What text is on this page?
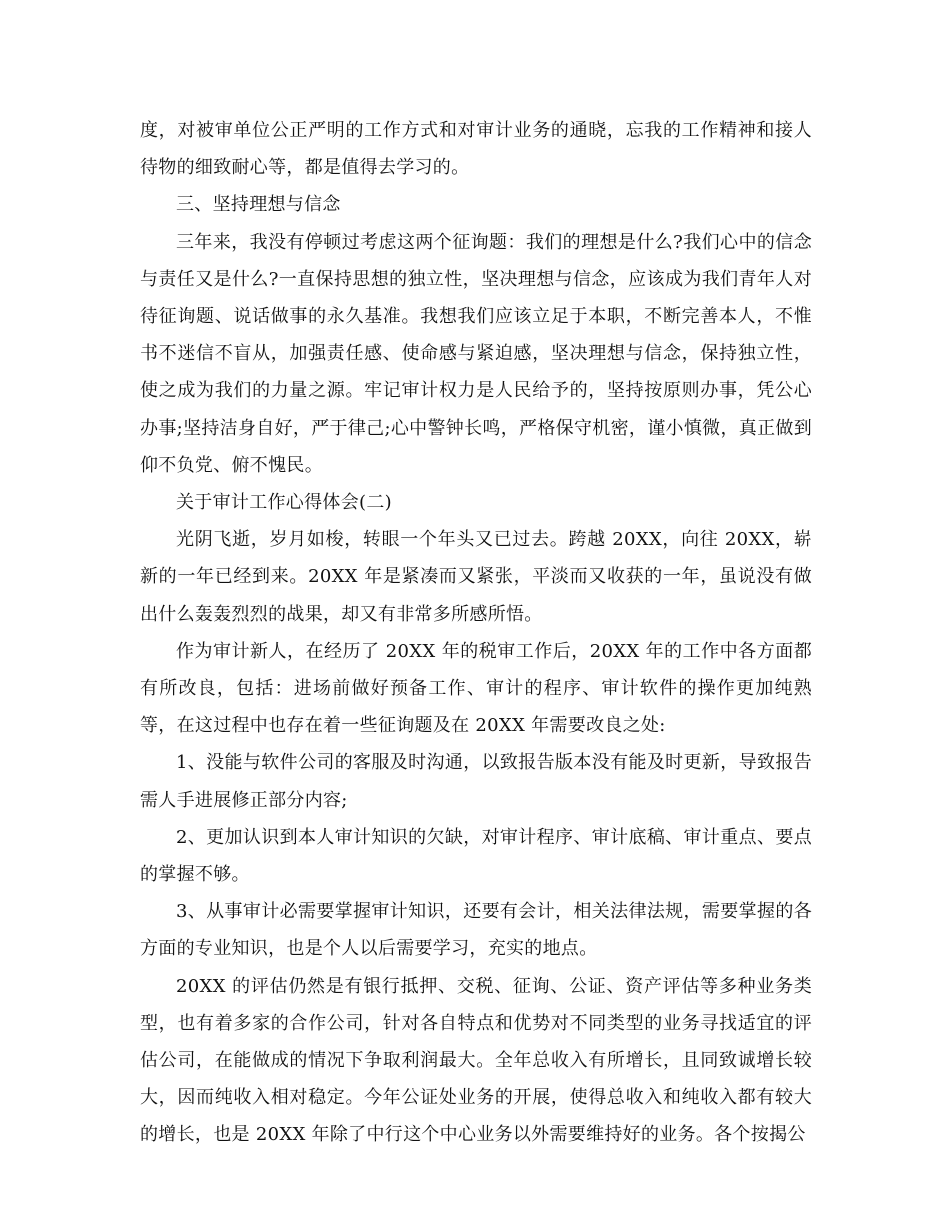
度，对被审单位公正严明的工作方式和对审计业务的通晓，忘我的工作精神和接人待物的细致耐心等，都是值得去学习的。

三、坚持理想与信念

三年来，我没有停顿过考虑这两个征询题：我们的理想是什么?我们心中的信念与责任又是什么?一直保持思想的独立性，坚决理想与信念，应该成为我们青年人对待征询题、说话做事的永久基准。我想我们应该立足于本职，不断完善本人，不惟书不迷信不盲从，加强责任感、使命感与紧迫感，坚决理想与信念，保持独立性，使之成为我们的力量之源。牢记审计权力是人民给予的，坚持按原则办事，凭公心办事;坚持洁身自好，严于律己;心中警钟长鸣，严格保守机密，谨小慎微，真正做到仰不负党、俯不愧民。

关于审计工作心得体会(二)

光阴飞逝，岁月如梭，转眼一个年头又已过去。跨越 20XX，向往 20XX，崭新的一年已经到来。20XX 年是紧凑而又紧张，平淡而又收获的一年，虽说没有做出什么轰轰烈烈的战果，却又有非常多所感所悟。

作为审计新人，在经历了 20XX 年的税审工作后，20XX 年的工作中各方面都有所改良，包括：进场前做好预备工作、审计的程序、审计软件的操作更加纯熟等，在这过程中也存在着一些征询题及在 20XX 年需要改良之处:

1、没能与软件公司的客服及时沟通，以致报告版本没有能及时更新，导致报告需人手进展修正部分内容;

2、更加认识到本人审计知识的欠缺，对审计程序、审计底稿、审计重点、要点的掌握不够。

3、从事审计必需要掌握审计知识，还要有会计，相关法律法规，需要掌握的各方面的专业知识，也是个人以后需要学习，充实的地点。

20XX 的评估仍然是有银行抵押、交税、征询、公证、资产评估等多种业务类型，也有着多家的合作公司，针对各自特点和优势对不同类型的业务寻找适宜的评估公司，在能做成的情况下争取利润最大。全年总收入有所增长，且同致诚增长较大，因而纯收入相对稳定。今年公证处业务的开展，使得总收入和纯收入都有较大的增长，也是 20XX 年除了中行这个中心业务以外需要维持好的业务。各个按揭公
